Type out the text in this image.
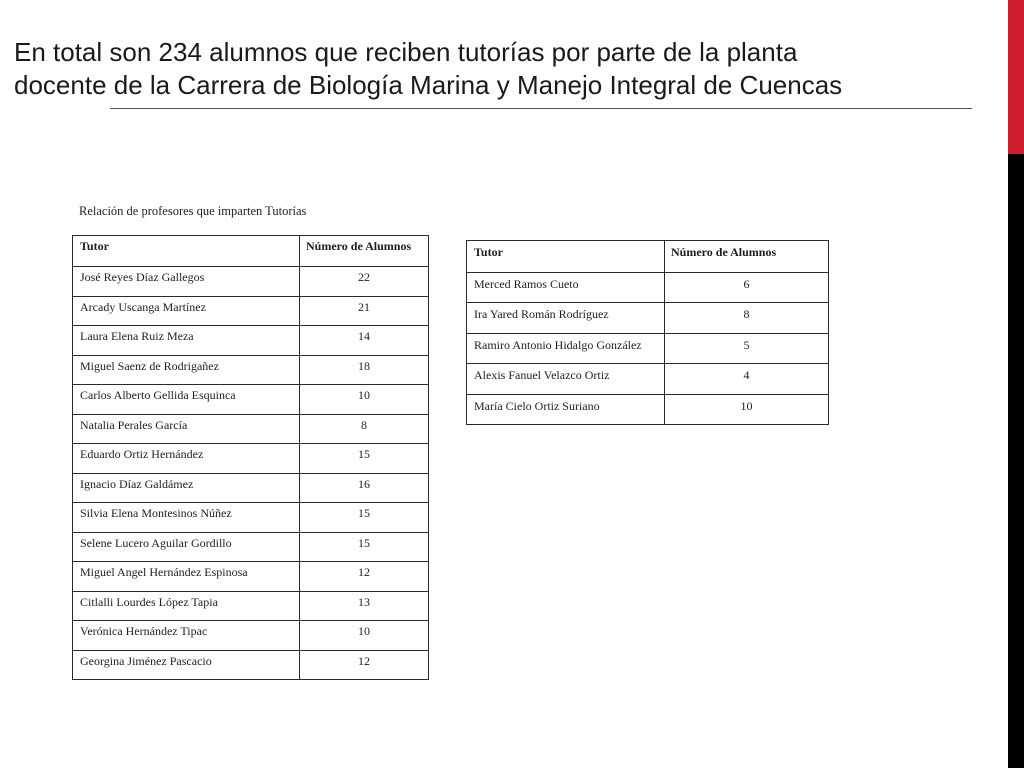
En total son 234 alumnos que reciben tutorías por parte de la planta
docente de la Carrera de Biología Marina y Manejo Integral de Cuencas
Relación de profesores que imparten Tutorías
Tutor	Número de Alumnos
José Reyes Díaz Gallegos	22
Arcady Uscanga Martínez	21
Laura Elena Ruiz Meza	14
Miguel Saenz de Rodrigañez	18
Carlos Alberto Gellida Esquinca	10
Natalia Perales García	8
Eduardo Ortiz Hernández	15
Ignacio Díaz Galdámez	16
Silvia Elena Montesinos Núñez	15
Selene Lucero Aguilar Gordillo	15
Miguel Angel Hernández Espinosa	12
Citlalli Lourdes López Tapia	13
Verónica Hernández Tipac	10
Georgina Jiménez Pascacio	12
Tutor	Número de Alumnos
Merced Ramos Cueto	6
Ira Yared Román Rodríguez	8
Ramiro Antonio Hidalgo González	5
Alexis Fanuel Velazco Ortiz	4
María Cielo Ortiz Suriano	10
